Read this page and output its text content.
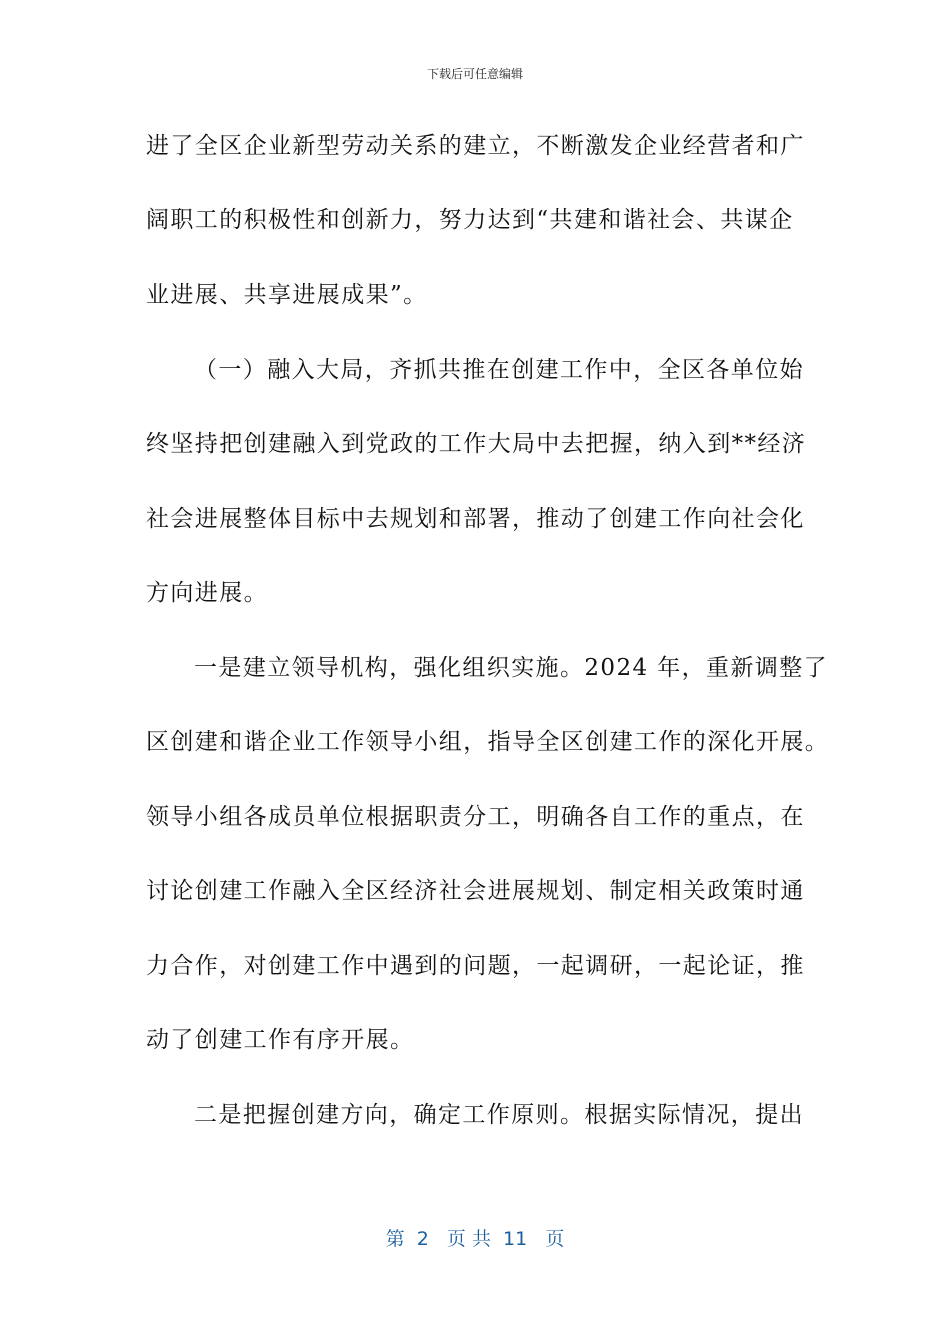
下载后可任意编辑
进了全区企业新型劳动关系的建立，不断激发企业经营者和广
阔职工的积极性和创新力，努力达到“共建和谐社会、共谋企
业进展、共享进展成果”。
（一）融入大局，齐抓共推在创建工作中，全区各单位始
终坚持把创建融入到党政的工作大局中去把握，纳入到**经济
社会进展整体目标中去规划和部署，推动了创建工作向社会化
方向进展。
一是建立领导机构，强化组织实施。2024 年，重新调整了
区创建和谐企业工作领导小组，指导全区创建工作的深化开展。
领导小组各成员单位根据职责分工，明确各自工作的重点，在
讨论创建工作融入全区经济社会进展规划、制定相关政策时通
力合作，对创建工作中遇到的问题，一起调研，一起论证，推
动了创建工作有序开展。
二是把握创建方向，确定工作原则。根据实际情况，提出
第  2   页 共  11   页
